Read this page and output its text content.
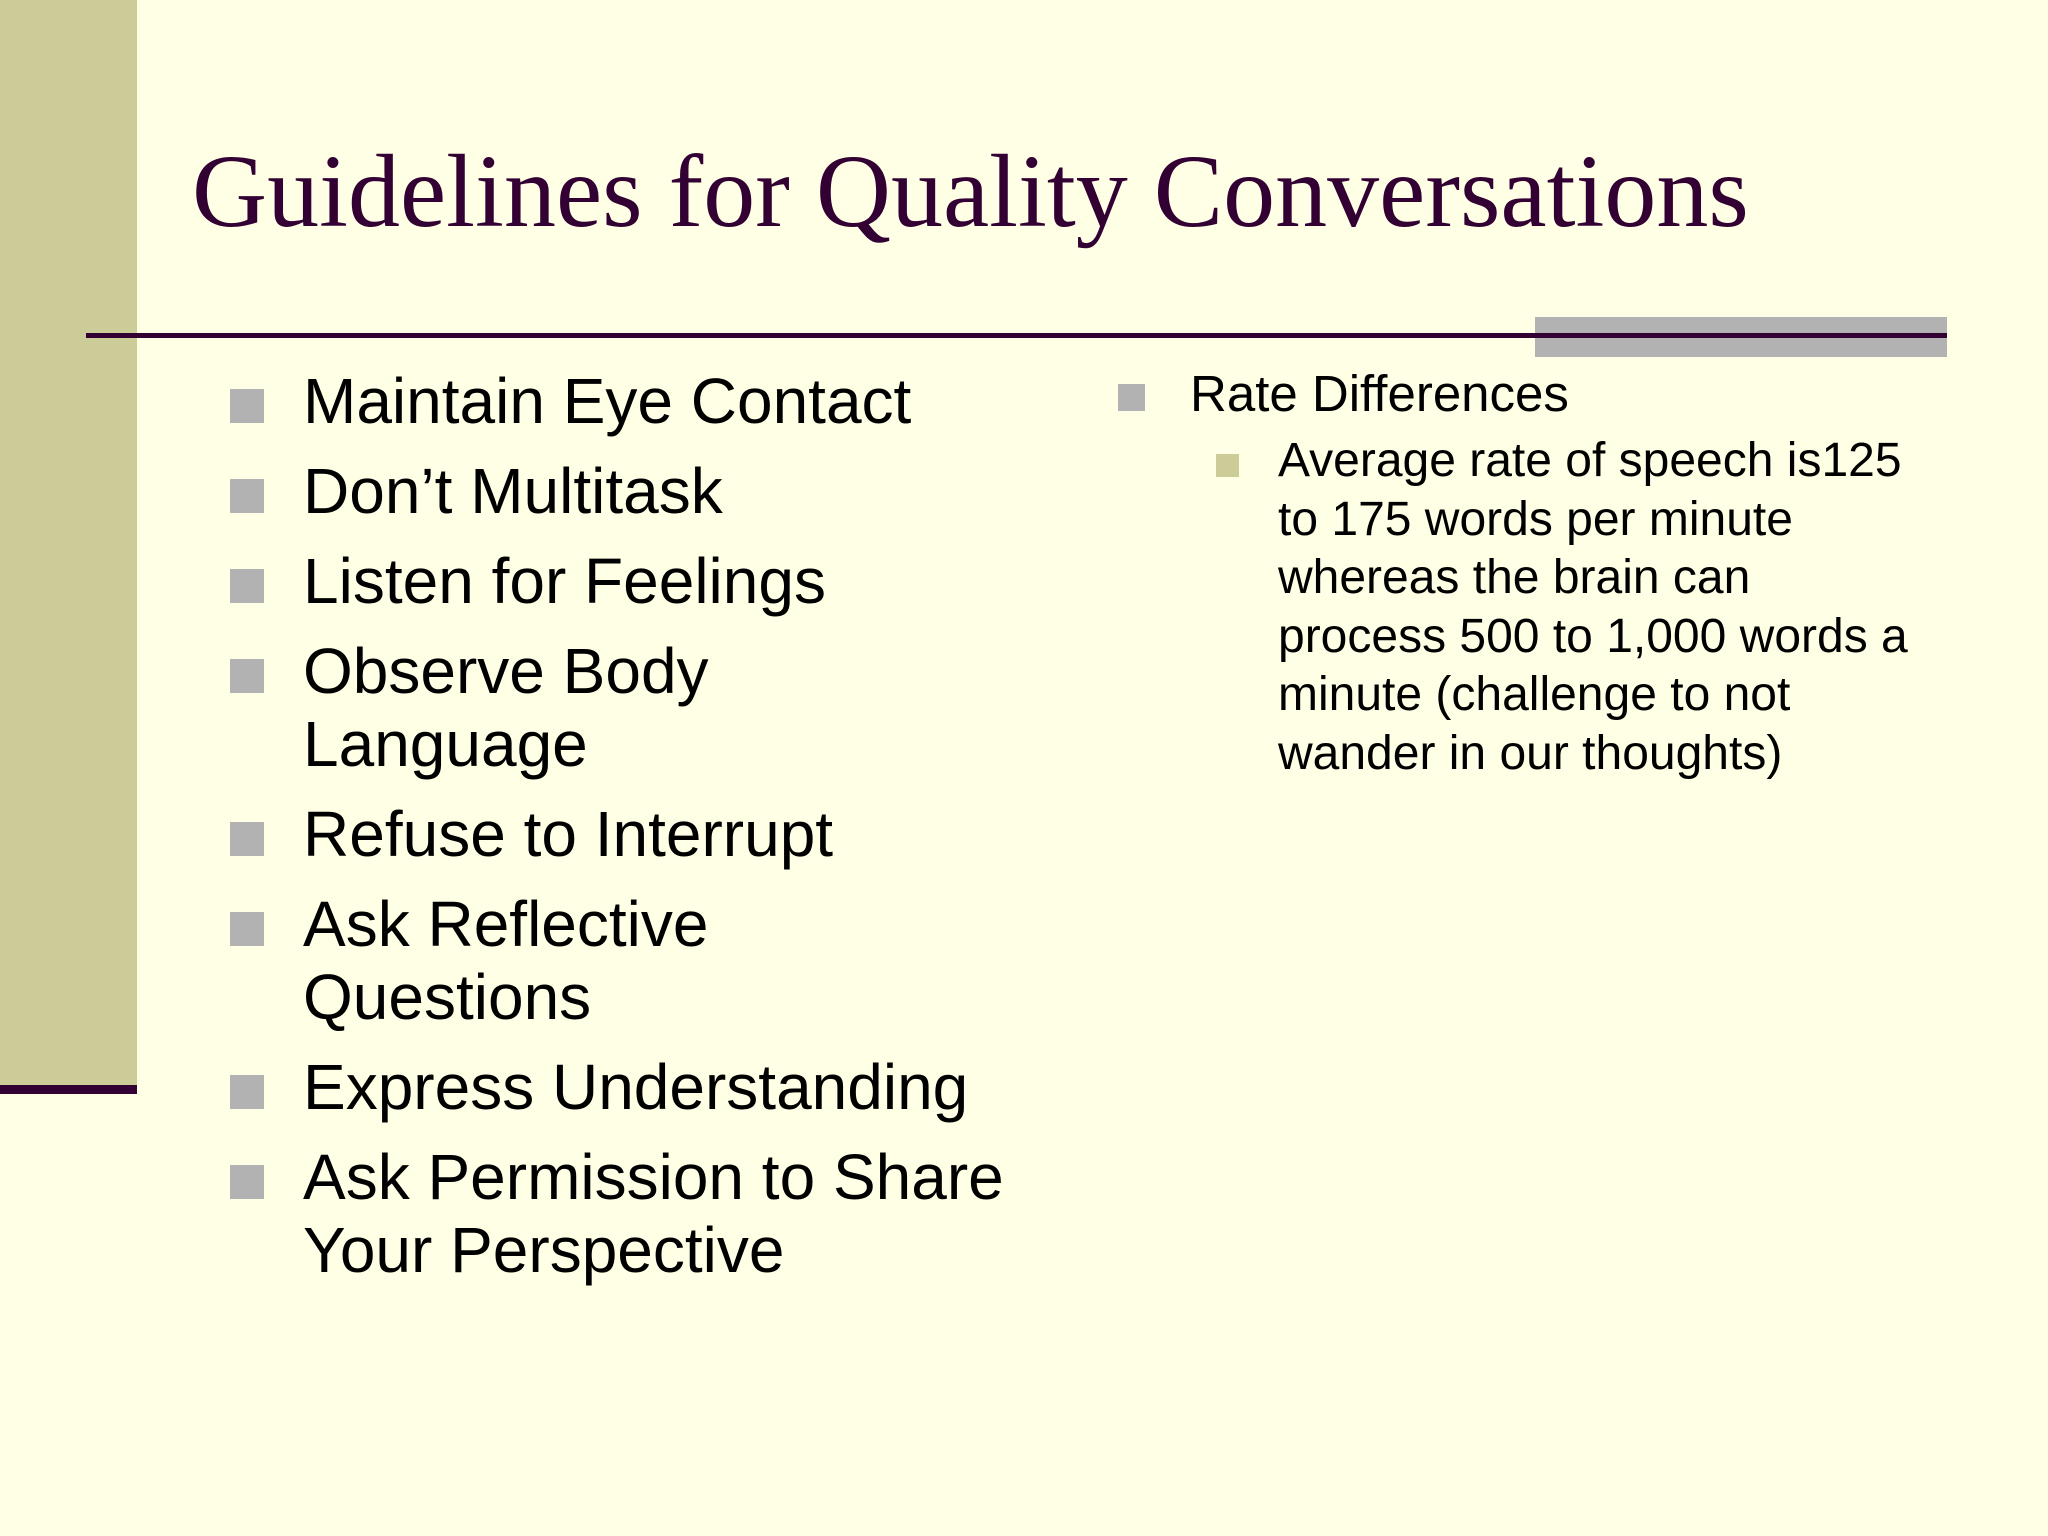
Guidelines for Quality Conversations
Maintain Eye Contact
Don’t Multitask
Listen for Feelings
Observe Body Language
Refuse to Interrupt
Ask Reflective Questions
Express Understanding
Ask Permission to Share Your Perspective
Rate Differences
Average rate of speech is125 to 175 words per minute whereas the brain can process 500 to 1,000 words a minute (challenge to not wander in our thoughts)
